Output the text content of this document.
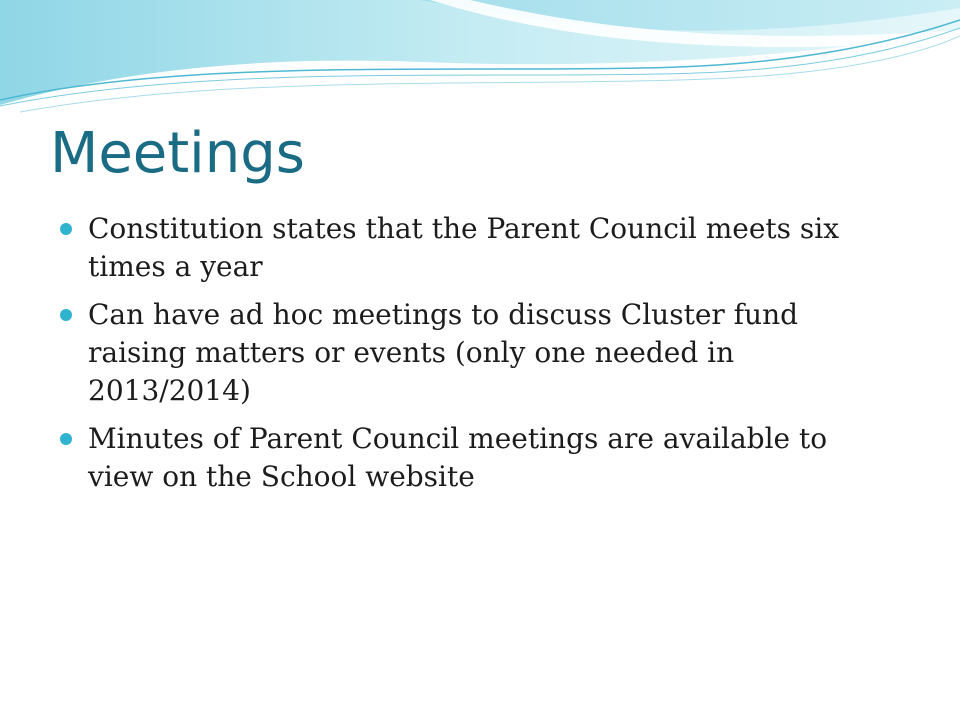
Meetings
Constitution states that the Parent Council meets six times a year
Can have ad hoc meetings to discuss Cluster fund raising matters or events (only one needed in 2013/2014)
Minutes of Parent Council meetings are available to view on the School website
